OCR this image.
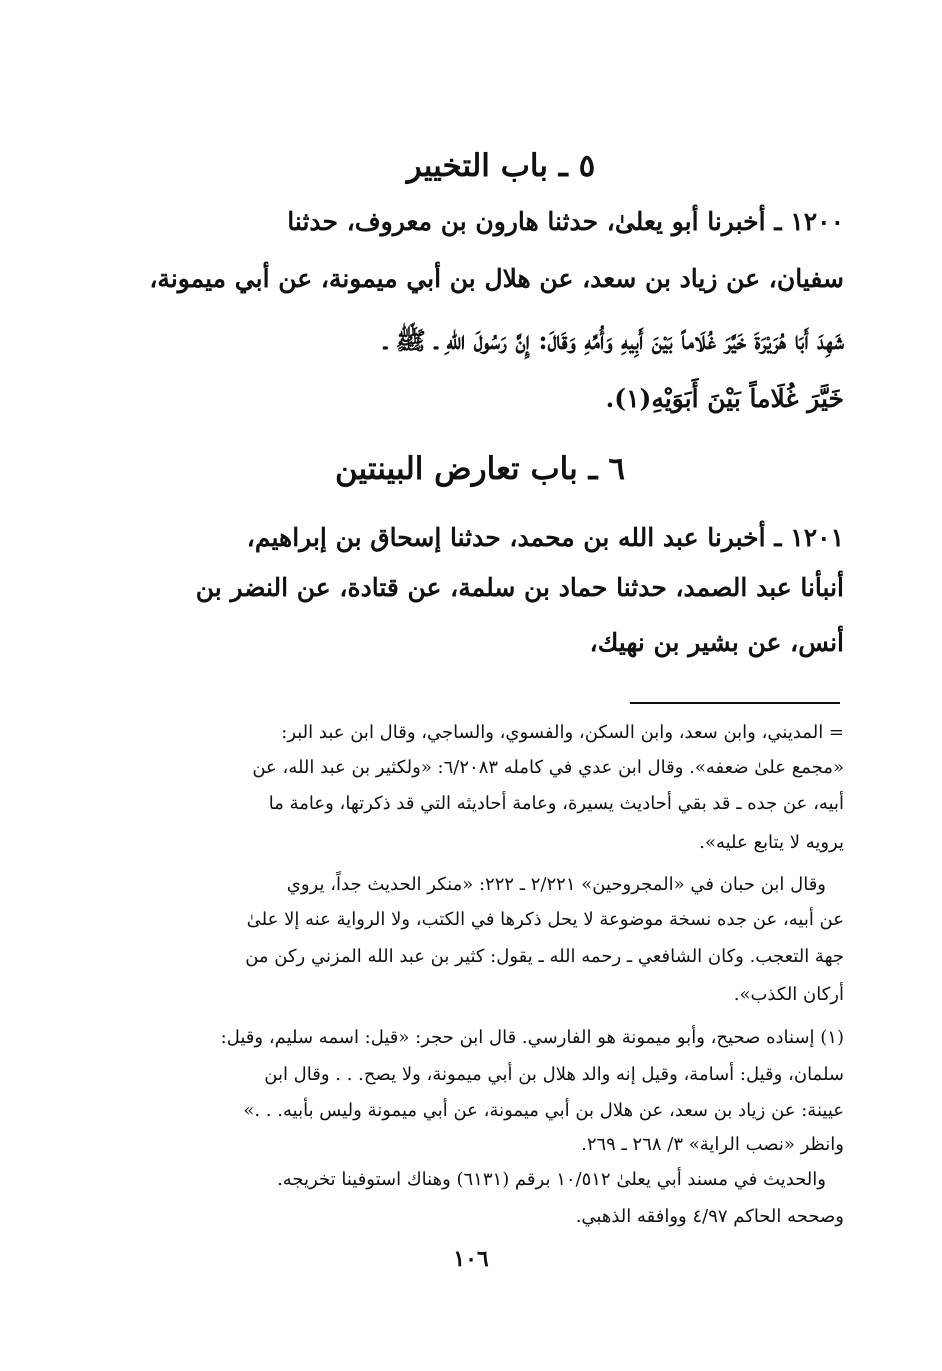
٥ ـ باب التخيير
١٢٠٠ ـ أخبرنا أبو يعلىٰ، حدثنا هارون بن معروف، حدثنا
سفيان، عن زياد بن سعد، عن هلال بن أبي ميمونة، عن أبي ميمونة،
شَهِدَ أَبَا هُرَيْرَةَ خَيَّرَ غُلَاماً بَيْنَ أَبِيهِ وَأُمِّهِ وَقَالَ: إِنَّ رَسُولَ اللهِ ـ ﷺ ـ
خَيَّرَ غُلَاماً بَيْنَ أَبَوَيْهِ(١).
٦ ـ باب تعارض البينتين
١٢٠١ ـ أخبرنا عبد الله بن محمد، حدثنا إسحاق بن إبراهيم،
أنبأنا عبد الصمد، حدثنا حماد بن سلمة، عن قتادة، عن النضر بن
أنس، عن بشير بن نهيك،
= المديني، وابن سعد، وابن السكن، والفسوي، والساجي، وقال ابن عبد البر:
«مجمع علىٰ ضعفه». وقال ابن عدي في كامله ٦/٢٠٨٣: «ولكثير بن عبد الله، عن
أبيه، عن جده ـ قد بقي أحاديث يسيرة، وعامة أحاديثه التي قد ذكرتها، وعامة ما
يرويه لا يتابع عليه».
وقال ابن حبان في «المجروحين» ٢/٢٢١ ـ ٢٢٢: «منكر الحديث جداً، يروي
عن أبيه، عن جده نسخة موضوعة لا يحل ذكرها في الكتب، ولا الرواية عنه إلا علىٰ
جهة التعجب. وكان الشافعي ـ رحمه الله ـ يقول: كثير بن عبد الله المزني ركن من
أركان الكذب».
(١) إسناده صحيح، وأبو ميمونة هو الفارسي. قال ابن حجر: «قيل: اسمه سليم، وقيل:
سلمان، وقيل: أسامة، وقيل إنه والد هلال بن أبي ميمونة، ولا يصح. . . وقال ابن
عيينة: عن زياد بن سعد، عن هلال بن أبي ميمونة، عن أبي ميمونة وليس بأبيه. . .»
وانظر «نصب الراية» ٣/ ٢٦٨ ـ ٢٦٩.
والحديث في مسند أبي يعلىٰ ١٠/٥١٢ برقم (٦١٣١) وهناك استوفينا تخريجه.
وصححه الحاكم ٤/٩٧ ووافقه الذهبي.
١٠٦
